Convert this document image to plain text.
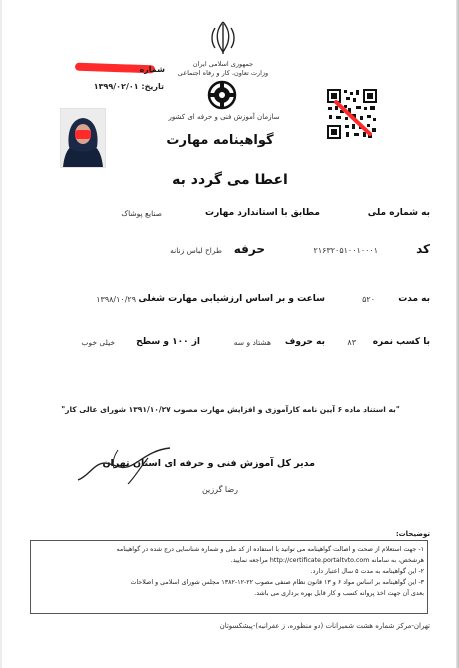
جمهوری اسلامی ایران
وزارت تعاون، کار و رفاه اجتماعی
شماره
تاریخ: ۱۳۹۹/۰۲/۰۱
سازمان آموزش فنی و حرفه ای کشور
گواهینامه مهارت
اعطا می گردد به
به شماره ملی
مطابق با استاندارد مهارت
صنایع پوشاک
کد
۲۱۶۳۲۰۵۱۰۰۱۰۰۰۱
حرفه
طراح لباس زنانه
به مدت
۵۲۰
ساعت و بر اساس ارزشیابی مهارت شغلی
۱۳۹۸/۱۰/۲۹
با کسب نمره
۸۳
به حروف
هشتاد و سه
از ۱۰۰ و سطح
خیلی خوب
"به استناد ماده ۶ آیین نامه کارآموزی و افزایش مهارت مصوب ۱۳۹۱/۱۰/۲۷ شورای عالی کار"
مدیر کل آموزش فنی و حرفه ای استان تهران
رضا گرزین
توضیحات:
۱- جهت استعلام از صحت و اصالت گواهینامه می توانید با استفاده از کد ملی و شماره شناسایی درج شده در گواهینامه
هرشخص، به سامانه http://certificate.portaltvto.com مراجعه نمایید.
۲- این گواهینامه به مدت ۵ سال اعتبار دارد.
۳- این گواهینامه بر اساس مواد ۶ و ۱۳ قانون نظام صنفی مصوب ۲۲-۱۲-۱۳۸۲ مجلس شورای اسلامی و اصلاحات
بعدی آن جهت اخذ پروانه کسب و کار قابل بهره برداری می باشد.
تهران-مرکز شماره هشت شمیرانات (دو منظوره، ز عفرانیه)-پیشکسوتان
